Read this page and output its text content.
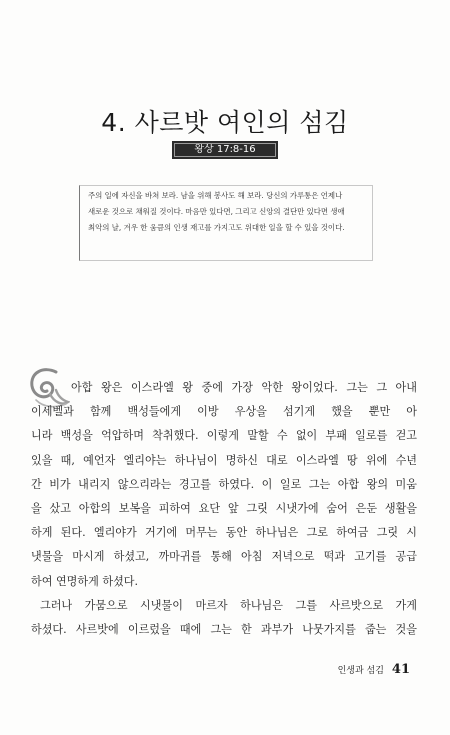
4. 사르밧 여인의 섬김
왕상 17:8-16

주의 일에 자신을 바쳐 보라. 남을 위해 봉사도 해 보라. 당신의 가루통은 언제나 새로운 것으로 채워질 것이다. 마음만 있다면, 그리고 신앙의 결단만 있다면 생애 최악의 날, 겨우 한 움큼의 인생 재고를 가지고도 위대한 일을 할 수 있을 것이다.

아합 왕은 이스라엘 왕 중에 가장 악한 왕이었다. 그는 그 아내
이세벨과 함께 백성들에게 이방 우상을 섬기게 했을 뿐만 아
니라 백성을 억압하며 착취했다. 이렇게 말할 수 없이 부패 일로를 걷고
있을 때, 예언자 엘리야는 하나님이 명하신 대로 이스라엘 땅 위에 수년
간 비가 내리지 않으리라는 경고를 하였다. 이 일로 그는 아합 왕의 미움
을 샀고 아합의 보복을 피하여 요단 앞 그릿 시냇가에 숨어 은둔 생활을
하게 된다. 엘리야가 거기에 머무는 동안 하나님은 그로 하여금 그릿 시
냇물을 마시게 하셨고, 까마귀를 통해 아침 저녁으로 떡과 고기를 공급
하여 연명하게 하셨다.
그러나 가뭄으로 시냇물이 마르자 하나님은 그를 사르밧으로 가게
하셨다. 사르밧에 이르렀을 때에 그는 한 과부가 나뭇가지를 줍는 것을
인생과 섬김 41
